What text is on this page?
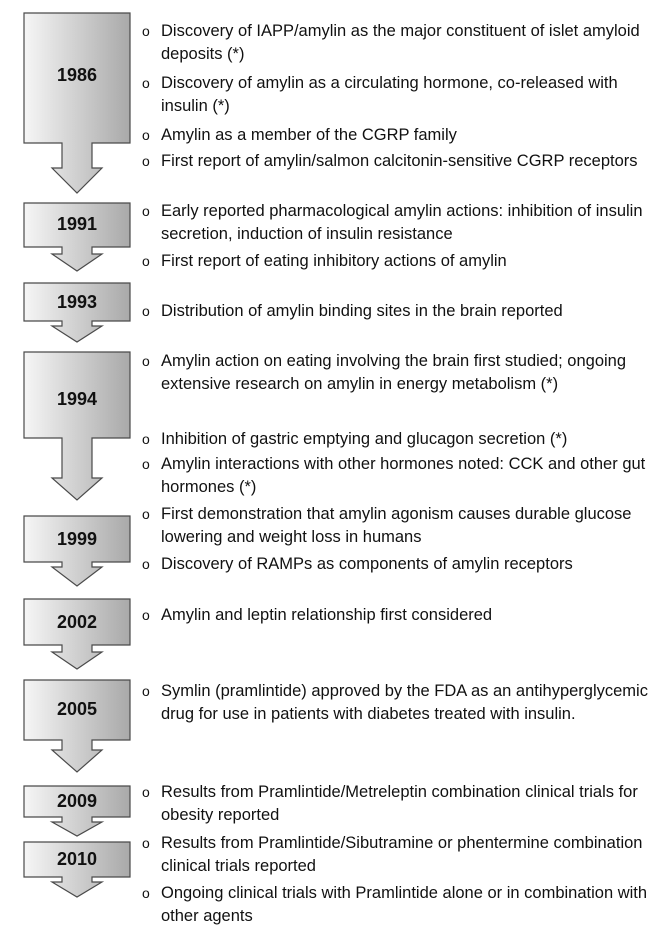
1986
1991
1993
1994
1999
2002
2005
2009
2010
o Discovery of IAPP/amylin as the major constituent of islet amyloid deposits (*)
o Discovery of amylin as a circulating hormone, co-released with insulin (*)
o Amylin as a member of the CGRP family
o First report of amylin/salmon calcitonin-sensitive CGRP receptors
o Early reported pharmacological amylin actions: inhibition of insulin secretion, induction of insulin resistance
o First report of eating inhibitory actions of amylin
o Distribution of amylin binding sites in the brain reported
o Amylin action on eating involving the brain first studied; ongoing extensive research on amylin in energy metabolism (*)
o Inhibition of gastric emptying and glucagon secretion (*)
o Amylin interactions with other hormones noted: CCK and other gut hormones (*)
o First demonstration that amylin agonism causes durable glucose lowering and weight loss in humans
o Discovery of RAMPs as components of amylin receptors
o Amylin and leptin relationship first considered
o Symlin (pramlintide) approved by the FDA as an antihyperglycemic drug for use in patients with diabetes treated with insulin.
o Results from Pramlintide/Metreleptin combination clinical trials for obesity reported
o Results from Pramlintide/Sibutramine or phentermine combination clinical trials reported
o Ongoing clinical trials with Pramlintide alone or in combination with other agents
